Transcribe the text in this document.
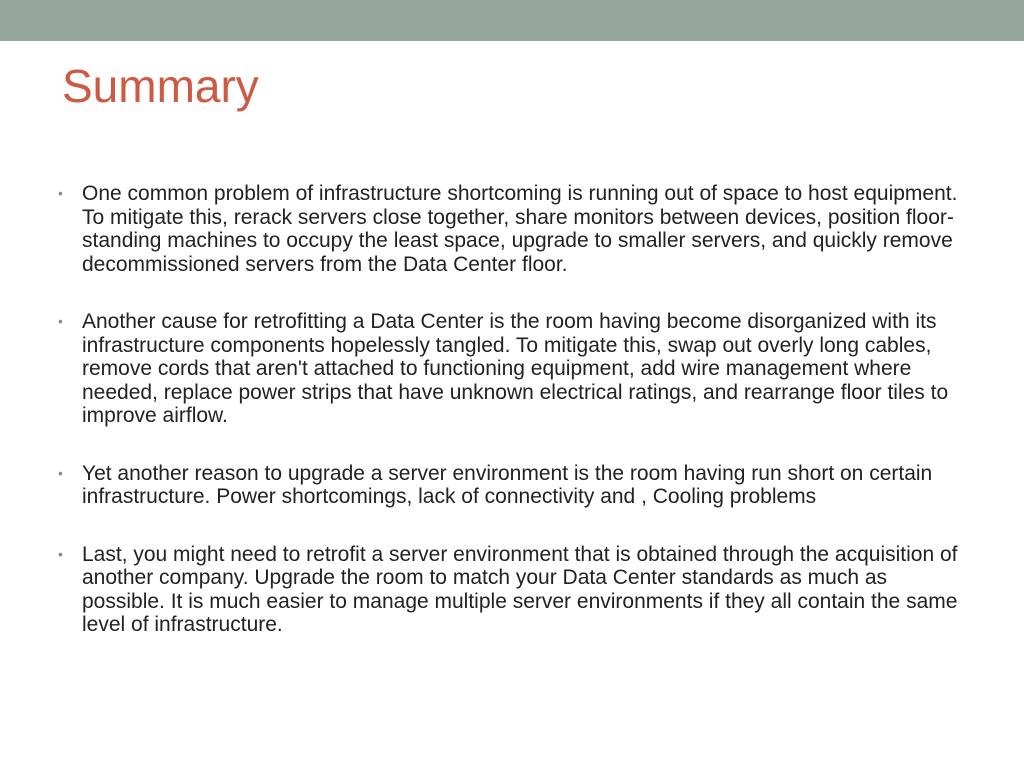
Summary
• One common problem of infrastructure shortcoming is running out of space to host equipment. To mitigate this, rerack servers close together, share monitors between devices, position floor-standing machines to occupy the least space, upgrade to smaller servers, and quickly remove decommissioned servers from the Data Center floor.
• Another cause for retrofitting a Data Center is the room having become disorganized with its infrastructure components hopelessly tangled. To mitigate this, swap out overly long cables, remove cords that aren't attached to functioning equipment, add wire management where needed, replace power strips that have unknown electrical ratings, and rearrange floor tiles to improve airflow.
• Yet another reason to upgrade a server environment is the room having run short on certain infrastructure. Power shortcomings, lack of connectivity and , Cooling problems
• Last, you might need to retrofit a server environment that is obtained through the acquisition of another company. Upgrade the room to match your Data Center standards as much as possible. It is much easier to manage multiple server environments if they all contain the same level of infrastructure.
